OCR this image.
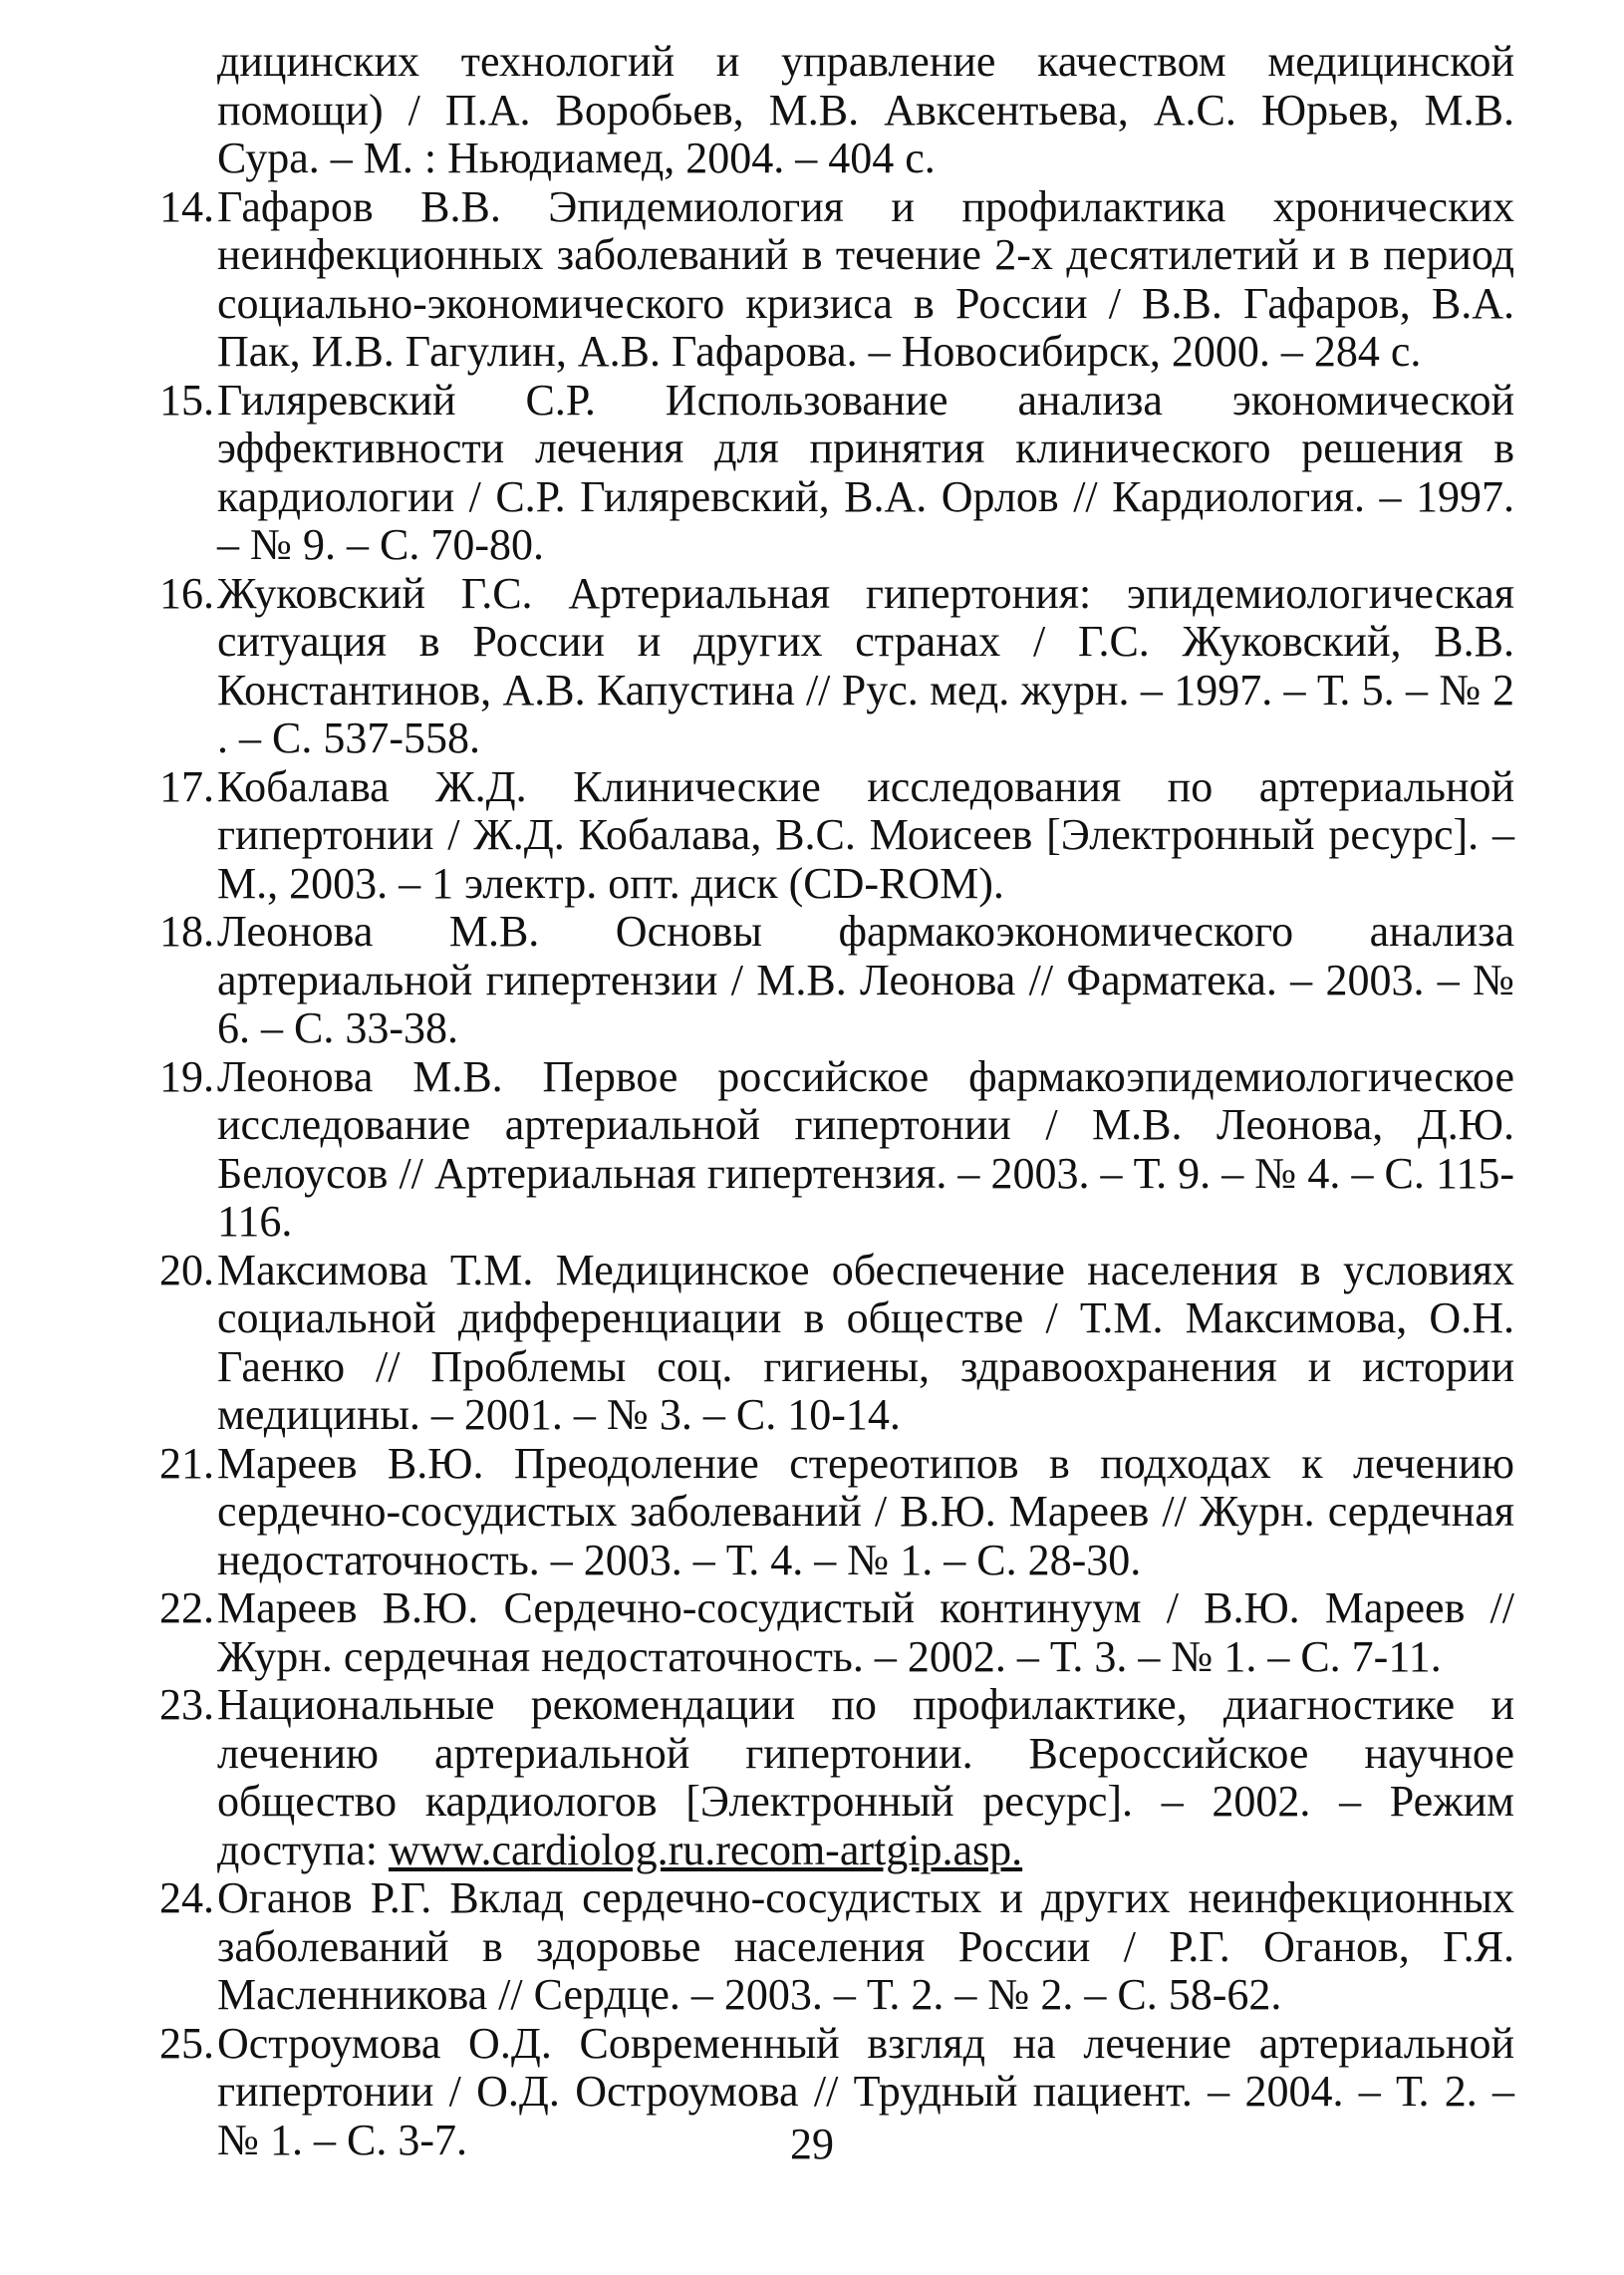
дицинских технологий и управление качеством медицинской помощи) / П.А. Воробьев, М.В. Авксентьева, А.С. Юрьев, М.В. Сура. – М. : Ньюдиамед, 2004. – 404 с.
14. Гафаров В.В. Эпидемиология и профилактика хронических неинфекционных заболеваний в течение 2-х десятилетий и в период социально-экономического кризиса в России / В.В. Гафаров, В.А. Пак, И.В. Гагулин, А.В. Гафарова. – Новосибирск, 2000. – 284 с.
15. Гиляревский С.Р. Использование анализа экономической эффективности лечения для принятия клинического решения в кардиологии / С.Р. Гиляревский, В.А. Орлов // Кардиология. – 1997. – № 9. – С. 70-80.
16. Жуковский Г.С. Артериальная гипертония: эпидемиологическая ситуация в России и других странах / Г.С. Жуковский, В.В. Константинов, А.В. Капустина // Рус. мед. журн. – 1997. – Т. 5. – № 2 . – С. 537-558.
17. Кобалава Ж.Д. Клинические исследования по артериальной гипертонии / Ж.Д. Кобалава, В.С. Моисеев [Электронный ресурс]. – М., 2003. – 1 электр. опт. диск (CD-ROM).
18. Леонова М.В. Основы фармакоэкономического анализа артериальной гипертензии / М.В. Леонова // Фарматека. – 2003. – № 6. – С. 33-38.
19. Леонова М.В. Первое российское фармакоэпидемиологическое исследование артериальной гипертонии / М.В. Леонова, Д.Ю. Белоусов // Артериальная гипертензия. – 2003. – Т. 9. – № 4. – С. 115-116.
20. Максимова Т.М. Медицинское обеспечение населения в условиях социальной дифференциации в обществе / Т.М. Максимова, О.Н. Гаенко // Проблемы соц. гигиены, здравоохранения и истории медицины. – 2001. – № 3. – С. 10-14.
21. Мареев В.Ю. Преодоление стереотипов в подходах к лечению сердечно-сосудистых заболеваний / В.Ю. Мареев // Журн. сердечная недостаточность. – 2003. – Т. 4. – № 1. – С. 28-30.
22. Мареев В.Ю. Сердечно-сосудистый континуум / В.Ю. Мареев // Журн. сердечная недостаточность. – 2002. – Т. 3. – № 1. – С. 7-11.
23. Национальные рекомендации по профилактике, диагностике и лечению артериальной гипертонии. Всероссийское научное общество кардиологов [Электронный ресурс]. – 2002. – Режим доступа: www.cardiolog.ru.recom-artgip.asp.
24. Оганов Р.Г. Вклад сердечно-сосудистых и других неинфекционных заболеваний в здоровье населения России / Р.Г. Оганов, Г.Я. Масленникова // Сердце. – 2003. – Т. 2. – № 2. – С. 58-62.
25. Остроумова О.Д. Современный взгляд на лечение артериальной гипертонии / О.Д. Остроумова // Трудный пациент. – 2004. – Т. 2. – № 1. – С. 3-7.	29
